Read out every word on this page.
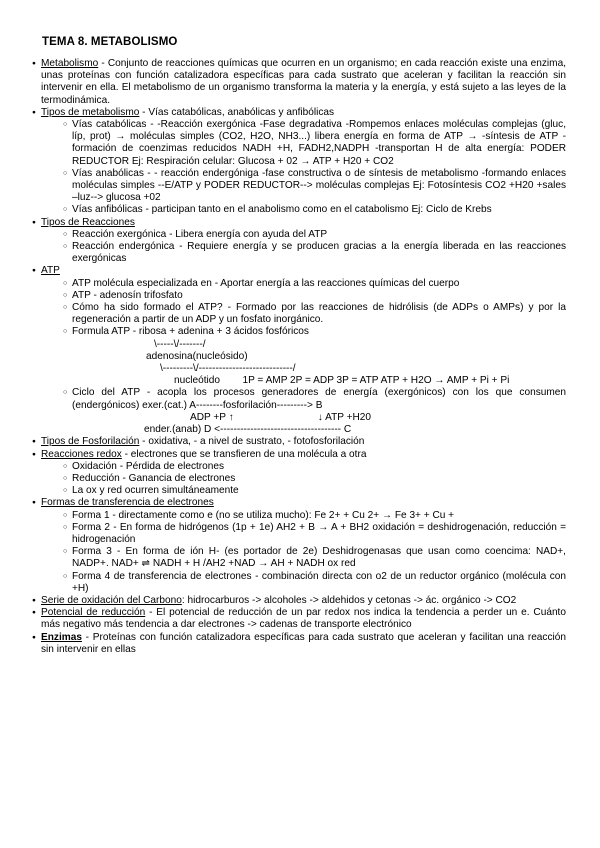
TEMA 8. METABOLISMO

● Metabolismo - Conjunto de reacciones químicas que ocurren en un organismo; en cada reacción existe una enzima, unas proteínas con función catalizadora específicas para cada sustrato que aceleran y facilitan la reacción sin intervenir en ella. El metabolismo de un organismo transforma la materia y la energía, y está sujeto a las leyes de la termodinámica.

● Tipos de metabolismo - Vías catabólicas, anabólicas y anfibólicas

○ Vías catabólicas - -Reacción exergónica -Fase degradativa -Rompemos enlaces moléculas complejas (gluc, líp, prot) → moléculas simples (CO2, H2O, NH3...) libera energía en forma de ATP → -síntesis de ATP - formación de coenzimas reducidos NADH +H, FADH2,NADPH -transportan H de alta energía: PODER REDUCTOR Ej: Respiración celular: Glucosa + 02 → ATP + H20 + CO2

○ Vías anabólicas - - reacción endergóniga -fase constructiva o de síntesis de metabolismo -formando enlaces moléculas simples --E/ATP y PODER REDUCTOR--> moléculas complejas Ej: Fotosíntesis CO2 +H20 +sales –luz--> glucosa +02

○ Vías anfibólicas - participan tanto en el anabolismo como en el catabolismo Ej: Ciclo de Krebs

● Tipos de Reacciones

○ Reacción exergónica - Libera energía con ayuda del ATP

○ Reacción endergónica - Requiere energía y se producen gracias a la energía liberada en las reacciones exergónicas

● ATP

○ ATP molécula especializada en - Aportar energía a las reacciones químicas del cuerpo

○ ATP - adenosín trifosfato

○ Cómo ha sido formado el ATP? - Formado por las reacciones de hidrólisis (de ADPs o AMPs) y por la regeneración a partir de un ADP y un fosfato inorgánico.

○ Formula ATP - ribosa + adenina + 3 ácidos fosfóricos

\-----\/-------/

adenosina(nucleósido)

\---------\/----------------------------/

nucleótido        1P = AMP 2P = ADP 3P = ATP ATP + H2O → AMP + Pi + Pi

○ Ciclo del ATP - acopla los procesos generadores de energía (exergónicos) con los que consumen (endergónicos) exer.(cat.) A--------fosforilación---------> B

ADP +P ↑                              ↓ ATP +H20

ender.(anab) D <------------------------------------ C

● Tipos de Fosforilación - oxidativa, - a nivel de sustrato, - fotofosforilación

● Reacciones redox - electrones que se transfieren de una molécula a otra

○ Oxidación - Pérdida de electrones

○ Reducción - Ganancia de electrones

○ La ox y red ocurren simultáneamente

● Formas de transferencia de electrones

○ Forma 1 - directamente como e (no se utiliza mucho): Fe 2+ + Cu 2+ → Fe 3+ + Cu +

○ Forma 2 - En forma de hidrógenos (1p + 1e) AH2 + B → A + BH2 oxidación = deshidrogenación, reducción = hidrogenación

○ Forma 3 - En forma de ión H- (es portador de 2e) Deshidrogenasas que usan como coencima: NAD+, NADP+. NAD+ ⇌ NADH + H /AH2 +NAD → AH + NADH ox red

○ Forma 4 de transferencia de electrones - combinación directa con o2 de un reductor orgánico (molécula con +H)

● Serie de oxidación del Carbono: hidrocarburos -> alcoholes -> aldehidos y cetonas -> ác. orgánico -> CO2

● Potencial de reducción - El potencial de reducción de un par redox nos indica la tendencia a perder un e. Cuánto más negativo más tendencia a dar electrones -> cadenas de transporte electrónico

● Enzimas - Proteínas con función catalizadora específicas para cada sustrato que aceleran y facilitan una reacción sin intervenir en ellas
